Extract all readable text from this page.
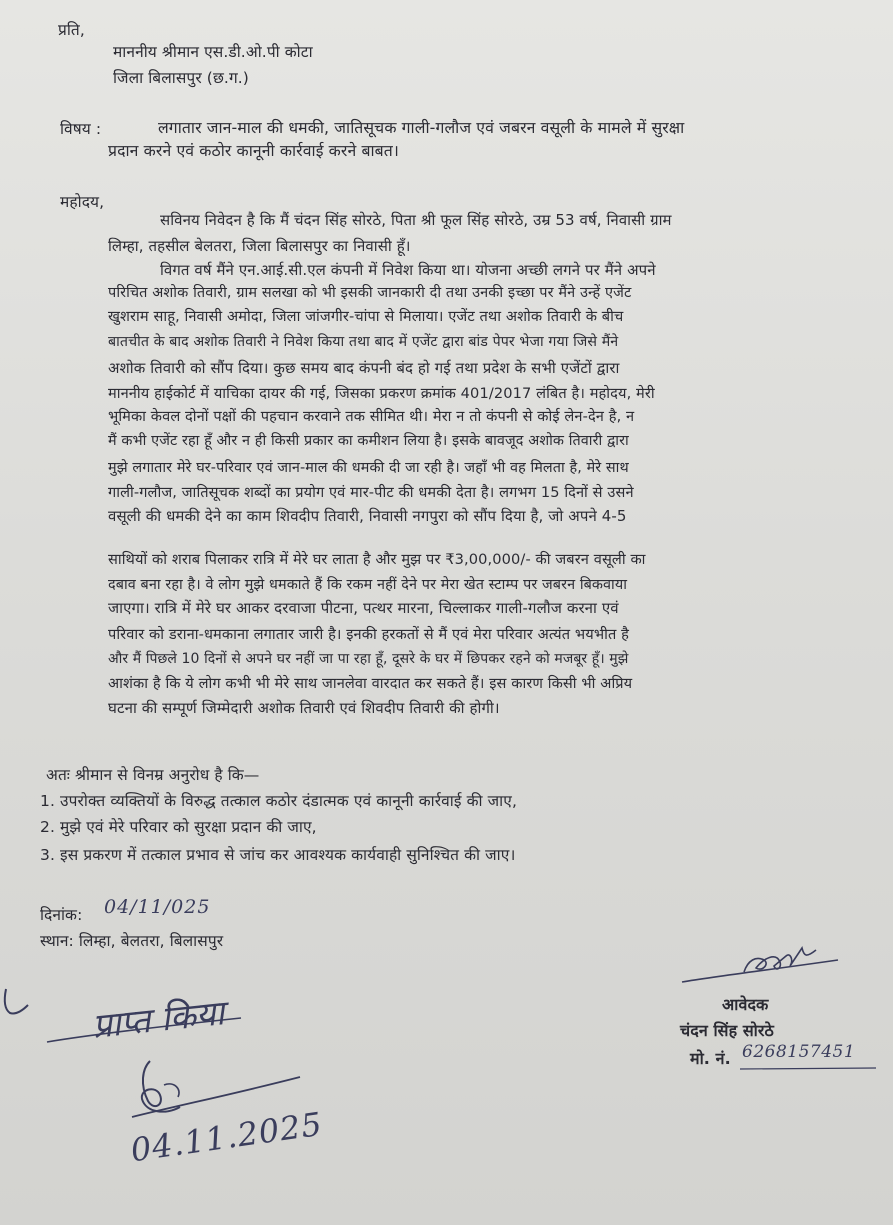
प्रति,
माननीय श्रीमान एस.डी.ओ.पी कोटा
जिला बिलासपुर (छ.ग.)
विषय :	लगातार जान-माल की धमकी, जातिसूचक गाली-गलौज एवं जबरन वसूली के मामले में सुरक्षा
प्रदान करने एवं कठोर कानूनी कार्रवाई करने बाबत।
महोदय,
सविनय निवेदन है कि मैं चंदन सिंह सोरठे, पिता श्री फूल सिंह सोरठे, उम्र 53 वर्ष, निवासी ग्राम
लिम्हा, तहसील बेलतरा, जिला बिलासपुर का निवासी हूँ।
विगत वर्ष मैंने एन.आई.सी.एल कंपनी में निवेश किया था। योजना अच्छी लगने पर मैंने अपने
परिचित अशोक तिवारी, ग्राम सलखा को भी इसकी जानकारी दी तथा उनकी इच्छा पर मैंने उन्हें एजेंट
खुशराम साहू, निवासी अमोदा, जिला जांजगीर-चांपा से मिलाया। एजेंट तथा अशोक तिवारी के बीच
बातचीत के बाद अशोक तिवारी ने निवेश किया तथा बाद में एजेंट द्वारा बांड पेपर भेजा गया जिसे मैंने
अशोक तिवारी को सौंप दिया। कुछ समय बाद कंपनी बंद हो गई तथा प्रदेश के सभी एजेंटों द्वारा
माननीय हाईकोर्ट में याचिका दायर की गई, जिसका प्रकरण क्रमांक 401/2017 लंबित है। महोदय, मेरी
भूमिका केवल दोनों पक्षों की पहचान करवाने तक सीमित थी। मेरा न तो कंपनी से कोई लेन-देन है, न
मैं कभी एजेंट रहा हूँ और न ही किसी प्रकार का कमीशन लिया है। इसके बावजूद अशोक तिवारी द्वारा
मुझे लगातार मेरे घर-परिवार एवं जान-माल की धमकी दी जा रही है। जहाँ भी वह मिलता है, मेरे साथ
गाली-गलौज, जातिसूचक शब्दों का प्रयोग एवं मार-पीट की धमकी देता है। लगभग 15 दिनों से उसने
वसूली की धमकी देने का काम शिवदीप तिवारी, निवासी नगपुरा को सौंप दिया है, जो अपने 4-5
साथियों को शराब पिलाकर रात्रि में मेरे घर लाता है और मुझ पर ₹3,00,000/- की जबरन वसूली का
दबाव बना रहा है। वे लोग मुझे धमकाते हैं कि रकम नहीं देने पर मेरा खेत स्टाम्प पर जबरन बिकवाया
जाएगा। रात्रि में मेरे घर आकर दरवाजा पीटना, पत्थर मारना, चिल्लाकर गाली-गलौज करना एवं
परिवार को डराना-धमकाना लगातार जारी है। इनकी हरकतों से मैं एवं मेरा परिवार अत्यंत भयभीत है
और मैं पिछले 10 दिनों से अपने घर नहीं जा पा रहा हूँ, दूसरे के घर में छिपकर रहने को मजबूर हूँ। मुझे
आशंका है कि ये लोग कभी भी मेरे साथ जानलेवा वारदात कर सकते हैं। इस कारण किसी भी अप्रिय
घटना की सम्पूर्ण जिम्मेदारी अशोक तिवारी एवं शिवदीप तिवारी की होगी।
अतः श्रीमान से विनम्र अनुरोध है कि—
1. उपरोक्त व्यक्तियों के विरुद्ध तत्काल कठोर दंडात्मक एवं कानूनी कार्रवाई की जाए,
2. मुझे एवं मेरे परिवार को सुरक्षा प्रदान की जाए,
3. इस प्रकरण में तत्काल प्रभाव से जांच कर आवश्यक कार्यवाही सुनिश्चित की जाए।
दिनांक: 04/11/025
स्थान: लिम्हा, बेलतरा, बिलासपुर
आवेदक
चंदन सिंह सोरठे
मो. नं. 6268157451
प्राप्त किया
04.11.2025
